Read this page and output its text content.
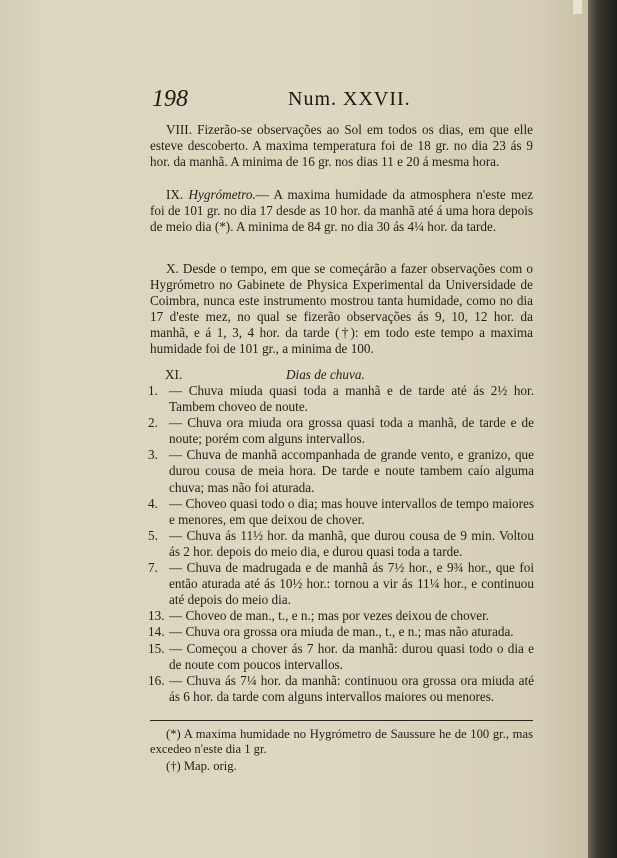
198	Num. XXVII.

VIII. Fizerão-se observações ao Sol em todos os dias, em que elle esteve descoberto. A maxima temperatura foi de 18 gr. no dia 23 ás 9 hor. da manhã. A minima de 16 gr. nos dias 11 e 20 á mesma hora.

IX. Hygrómetro.— A maxima humidade da atmosphera n'este mez foi de 101 gr. no dia 17 desde as 10 hor. da manhã até á uma hora depois de meio dia (*). A minima de 84 gr. no dia 30 ás 4¼ hor. da tarde.

X. Desde o tempo, em que se começárão a fazer observações com o Hygrómetro no Gabinete de Physica Experimental da Universidade de Coimbra, nunca este instrumento mostrou tanta humidade, como no dia 17 d'este mez, no qual se fizerão observações ás 9, 10, 12 hor. da manhã, e á 1, 3, 4 hor. da tarde (†): em todo este tempo a maxima humidade foi de 101 gr., a minima de 100.

XI.	Dias de chuva.
1. — Chuva miuda quasi toda a manhã e de tarde até ás 2½ hor. Tambem choveo de noute.
2. — Chuva ora miuda ora grossa quasi toda a manhã, de tarde e de noute; porém com alguns intervallos.
3. — Chuva de manhã accompanhada de grande vento, e granizo, que durou cousa de meia hora. De tarde e noute tambem caío alguma chuva; mas não foi aturada.
4. — Choveo quasi todo o dia; mas houve intervallos de tempo maiores e menores, em que deixou de chover.
5. — Chuva ás 11½ hor. da manhã, que durou cousa de 9 min. Voltou ás 2 hor. depois do meio dia, e durou quasi toda a tarde.
7. — Chuva de madrugada e de manhã ás 7½ hor., e 9¾ hor., que foi então aturada até ás 10½ hor.: tornou a vir ás 11¼ hor., e continuou até depois do meio dia.
13. — Choveo de man., t., e n.; mas por vezes deixou de chover.
14. — Chuva ora grossa ora miuda de man., t., e n.; mas não aturada.
15. — Começou a chover ás 7 hor. da manhã: durou quasi todo o dia e de noute com poucos intervallos.
16. — Chuva ás 7¼ hor. da manhã: continuou ora grossa ora miuda até ás 6 hor. da tarde com alguns intervallos maiores ou menores.

(*) A maxima humidade no Hygrómetro de Saussure he de 100 gr., mas excedeo n'este dia 1 gr.

(†) Map. orig.
